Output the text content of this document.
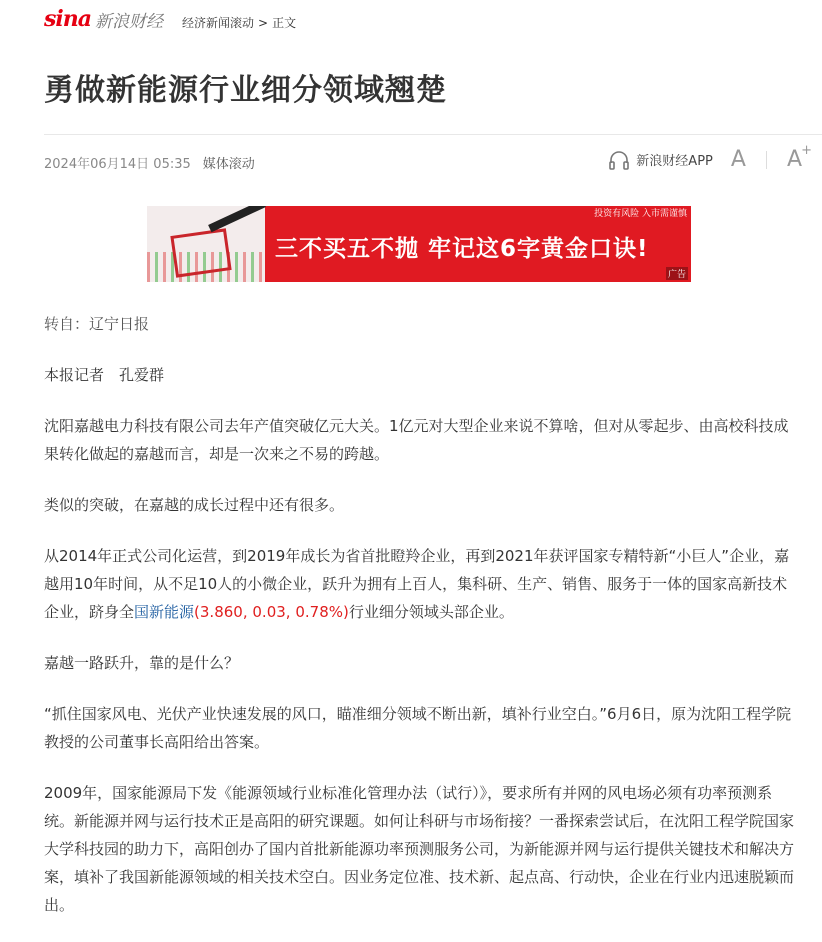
sina 新浪财经 经济新闻滚动 > 正文
勇做新能源行业细分领域翘楚
2024年06月14日 05:35 媒体滚动	新浪财经APP A A +
投资有风险 入市需谨慎
三不买五不抛 牢记这6字黄金口诀!
广告

转自：辽宁日报

本报记者　孔爱群

沈阳嘉越电力科技有限公司去年产值突破亿元大关。1亿元对大型企业来说不算啥，但对从零起步、由高校科技成果转化做起的嘉越而言，却是一次来之不易的跨越。

类似的突破，在嘉越的成长过程中还有很多。

从2014年正式公司化运营，到2019年成长为省首批瞪羚企业，再到2021年获评国家专精特新“小巨人”企业，嘉越用10年时间，从不足10人的小微企业，跃升为拥有上百人，集科研、生产、销售、服务于一体的国家高新技术企业，跻身全国新能源(3.860, 0.03, 0.78%)行业细分领域头部企业。

嘉越一路跃升，靠的是什么？

“抓住国家风电、光伏产业快速发展的风口，瞄准细分领域不断出新，填补行业空白。”6月6日，原为沈阳工程学院教授的公司董事长高阳给出答案。

2009年，国家能源局下发《能源领域行业标准化管理办法（试行）》，要求所有并网的风电场必须有功率预测系统。新能源并网与运行技术正是高阳的研究课题。如何让科研与市场衔接？一番探索尝试后，在沈阳工程学院国家大学科技园的助力下，高阳创办了国内首批新能源功率预测服务公司，为新能源并网与运行提供关键技术和解决方案，填补了我国新能源领域的相关技术空白。因业务定位准、技术新、起点高、行动快，企业在行业内迅速脱颖而出。
